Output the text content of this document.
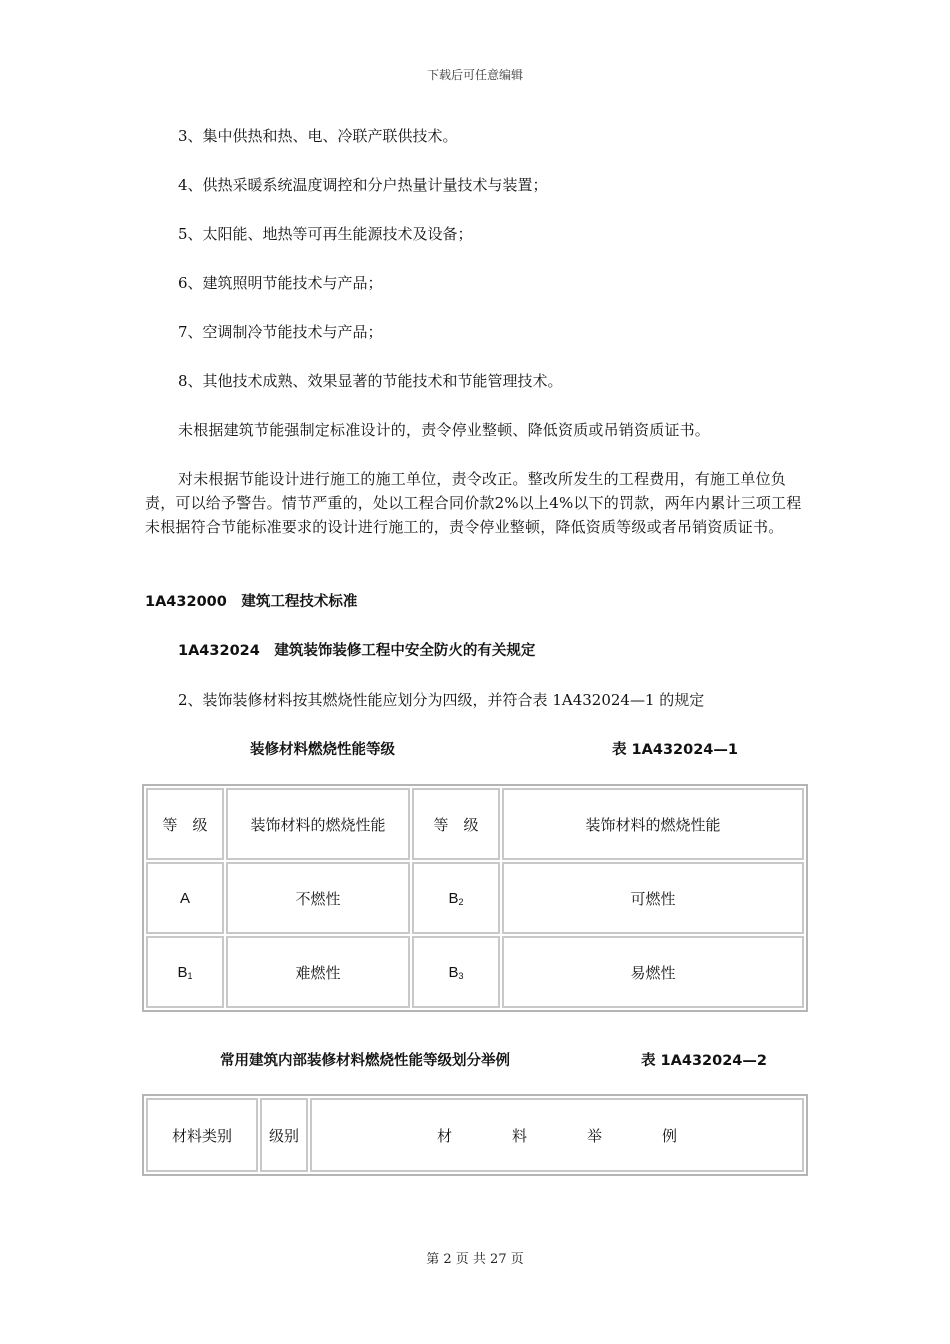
下载后可任意编辑
3、集中供热和热、电、冷联产联供技术。
4、供热采暖系统温度调控和分户热量计量技术与装置；
5、太阳能、地热等可再生能源技术及设备；
6、建筑照明节能技术与产品；
7、空调制冷节能技术与产品；
8、其他技术成熟、效果显著的节能技术和节能管理技术。
未根据建筑节能强制定标准设计的，责令停业整顿、降低资质或吊销资质证书。
对未根据节能设计进行施工的施工单位，责令改正。整改所发生的工程费用，有施工单位负责，可以给予警告。情节严重的，处以工程合同价款2%以上4%以下的罚款，两年内累计三项工程未根据符合节能标准要求的设计进行施工的，责令停业整顿，降低资质等级或者吊销资质证书。
1A432000　建筑工程技术标准
1A432024　建筑装饰装修工程中安全防火的有关规定
2、装饰装修材料按其燃烧性能应划分为四级，并符合表 1A432024—1 的规定
装修材料燃烧性能等级	表 1A432024—1
等　级	装饰材料的燃烧性能	等　级	装饰材料的燃烧性能
A	不燃性	$B_2$	可燃性
$B_1$	难燃性	$B_3$	易燃性
常用建筑内部装修材料燃烧性能等级划分举例	表 1A432024—2
材料类别	级别	材　　　　料　　　　举　　　　例
第 2 页 共 27 页
